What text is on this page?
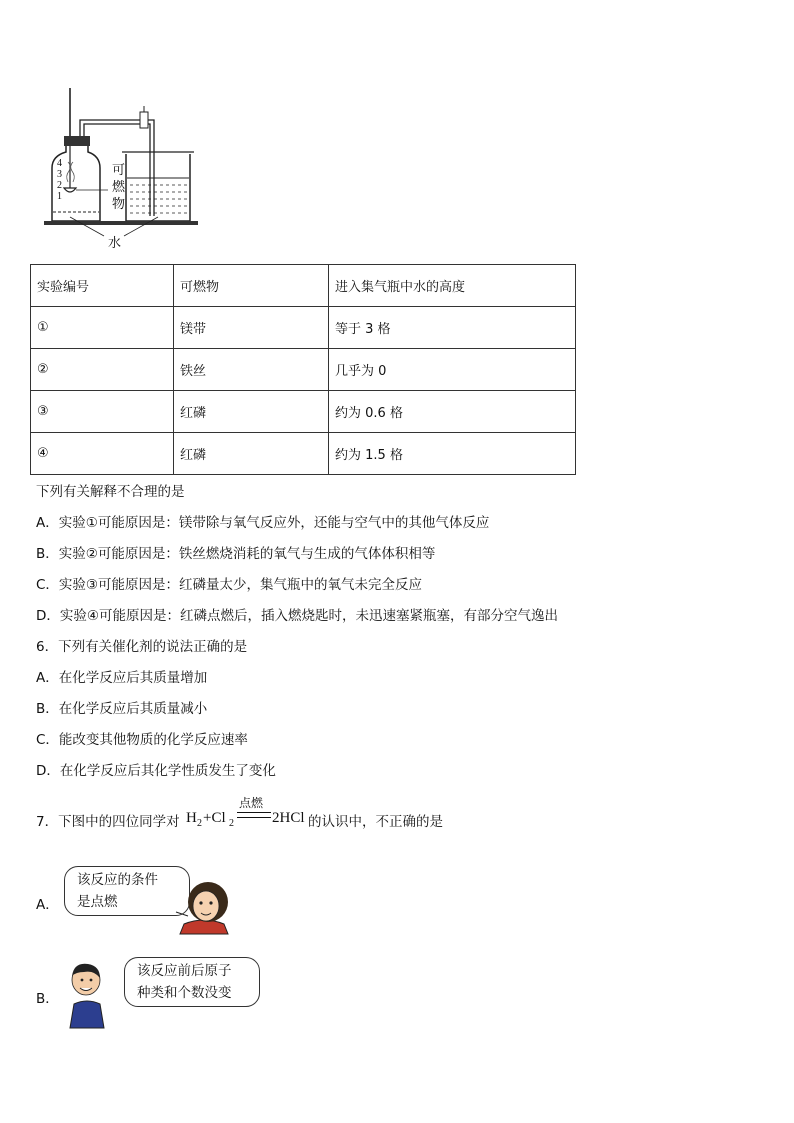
4
3
2
1
可
燃
物
水
实验编号	可燃物	进入集气瓶中水的高度
①	镁带	等于 3 格
②	铁丝	几乎为 0
③	红磷	约为 0.6 格
④	红磷	约为 1.5 格
下列有关解释不合理的是
A．实验①可能原因是：镁带除与氧气反应外，还能与空气中的其他气体反应
B．实验②可能原因是：铁丝燃烧消耗的氧气与生成的气体体积相等
C．实验③可能原因是：红磷量太少，集气瓶中的氧气未完全反应
D．实验④可能原因是：红磷点燃后，插入燃烧匙时，未迅速塞紧瓶塞，有部分空气逸出
6．下列有关催化剂的说法正确的是
A．在化学反应后其质量增加
B．在化学反应后其质量减小
C．能改变其他物质的化学反应速率
D．在化学反应后其化学性质发生了变化
7．下图中的四位同学对 H 2 +Cl 2
点燃
2HCl 的认识中，不正确的是
A．
该反应的条件
是点燃
B．
该反应前后原子
种类和个数没变
